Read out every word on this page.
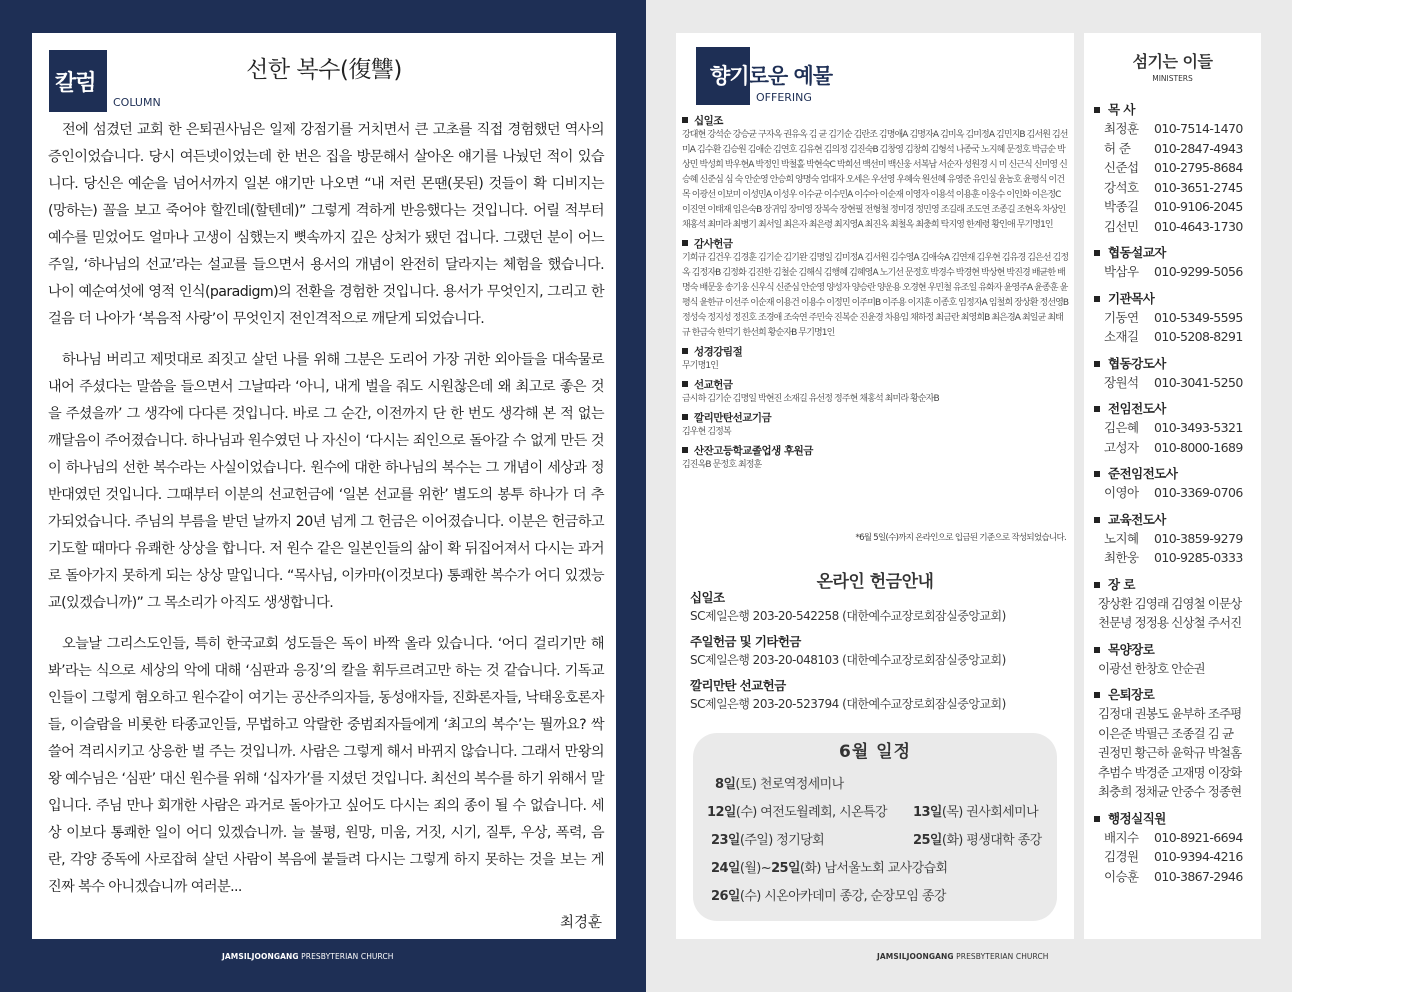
칼럼
COLUMN
선한 복수(復讐)

전에 섬겼던 교회 한 은퇴권사님은 일제 강점기를 거치면서 큰 고초를 직접 경험했던 역사의 증인이었습니다. 당시 여든넷이었는데 한 번은 집을 방문해서 살아온 얘기를 나눴던 적이 있습니다. 당신은 예순을 넘어서까지 일본 얘기만 나오면 “내 저런 몬땐(못된) 것들이 확 디비지는(망하는) 꼴을 보고 죽어야 할낀데(할텐데)” 그렇게 격하게 반응했다는 것입니다. 어릴 적부터 예수를 믿었어도 얼마나 고생이 심했는지 뼛속까지 깊은 상처가 됐던 겁니다. 그랬던 분이 어느 주일, ‘하나님의 선교’라는 설교를 들으면서 용서의 개념이 완전히 달라지는 체험을 했습니다. 나이 예순여섯에 영적 인식(paradigm)의 전환을 경험한 것입니다. 용서가 무엇인지, 그리고 한 걸음 더 나아가 ‘복음적 사랑’이 무엇인지 전인격적으로 깨닫게 되었습니다.

하나님 버리고 제멋대로 죄짓고 살던 나를 위해 그분은 도리어 가장 귀한 외아들을 대속물로 내어 주셨다는 말씀을 들으면서 그날따라 ‘아니, 내게 벌을 줘도 시원찮은데 왜 최고로 좋은 것을 주셨을까’ 그 생각에 다다른 것입니다. 바로 그 순간, 이전까지 단 한 번도 생각해 본 적 없는 깨달음이 주어졌습니다. 하나님과 원수였던 나 자신이 ‘다시는 죄인으로 돌아갈 수 없게 만든 것이 하나님의 선한 복수라는 사실이었습니다. 원수에 대한 하나님의 복수는 그 개념이 세상과 정반대였던 것입니다. 그때부터 이분의 선교헌금에 ‘일본 선교를 위한’ 별도의 봉투 하나가 더 추가되었습니다. 주님의 부름을 받던 날까지 20년 넘게 그 헌금은 이어졌습니다. 이분은 헌금하고 기도할 때마다 유쾌한 상상을 합니다. 저 원수 같은 일본인들의 삶이 확 뒤집어져서 다시는 과거로 돌아가지 못하게 되는 상상 말입니다. “목사님, 이카마(이것보다) 통쾌한 복수가 어디 있겠능교(있겠습니까)” 그 목소리가 아직도 생생합니다.

오늘날 그리스도인들, 특히 한국교회 성도들은 독이 바짝 올라 있습니다. ‘어디 걸리기만 해봐’라는 식으로 세상의 악에 대해 ‘심판과 응징’의 칼을 휘두르려고만 하는 것 같습니다. 기독교인들이 그렇게 혐오하고 원수같이 여기는 공산주의자들, 동성애자들, 진화론자들, 낙태옹호론자들, 이슬람을 비롯한 타종교인들, 무법하고 악랄한 중범죄자들에게 ‘최고의 복수’는 뭘까요? 싹 쓸어 격리시키고 상응한 벌 주는 것입니까. 사람은 그렇게 해서 바뀌지 않습니다. 그래서 만왕의 왕 예수님은 ‘심판’ 대신 원수를 위해 ‘십자가’를 지셨던 것입니다. 최선의 복수를 하기 위해서 말입니다. 주님 만나 회개한 사람은 과거로 돌아가고 싶어도 다시는 죄의 종이 될 수 없습니다. 세상 이보다 통쾌한 일이 어디 있겠습니까. 늘 불평, 원망, 미움, 거짓, 시기, 질투, 우상, 폭력, 음란, 각양 중독에 사로잡혀 살던 사람이 복음에 붙들려 다시는 그렇게 하지 못하는 것을 보는 게 진짜 복수 아니겠습니까 여러분...

최경훈
JAMSILJOONGANG PRESBYTERIAN CHURCH
향기로운 예물
OFFERING
십일조
강대현 강석순 강승균 구자옥 권유옥 김 균 김기순 김란조 김명애A 김명자A 김미옥 김미정A 김민지B 김서원 김선미A 김수환 김승원 김애순 김연호 김유현 김의정 김진숙B 김창영 김창희 김형석 나종국 노지혜 문정호 박금순 박상민 박성희 박우현A 박정인 박철홀 박현숙C 박희선 백선미 백신웅 서복남 서순자 성원경 시 미 신근식 신미영 신승혜 신준심 심 숙 안순영 안승희 양명숙 엄대자 오세은 우선영 우혜숙 원선혜 유영준 유인실 윤농호 윤평식 이건목 이광선 이보미 이성민A 이성우 이수균 이수민A 이수아 이순재 이영자 이용석 이용훈 이웅수 이인화 이은정C 이진연 이태재 임은숙B 장귀임 장미영 장복숙 장현필 전형철 정미경 정민영 조길래 조도연 조종길 조현옥 차상인 채홍석 최미라 최병기 최서일 최은자 최은령 최지영A 최진옥 최철옥 최충희 탁지영 한계령 황인애 무기명1인
감사헌금
기희규 김건우 김경훈 김기순 김기완 김명일 김미정A 김서원 김수영A 김애숙A 김연재 김우현 김유경 김은선 김정옥 김정자B 김정화 김진한 김철순 김해식 김행혜 김혜영A 노기선 문정호 박경수 박경현 박상현 박진경 배균한 배명숙 배문웅 송기웅 신우식 신준심 안순영 양성자 양승란 양운용 오경현 우민철 유조일 유화자 윤영주A 윤종훈 윤평식 윤한규 이선주 이순재 이용건 이용수 이정민 이주미B 이주용 이지훈 이종호 임정자A 임철희 장상환 정선영B 정성숙 정지성 정진호 조경애 조숙연 주민숙 진복순 진윤경 차용임 채하정 최금란 최영희B 최은경A 최일균 최태규 한금숙 한덕기 한선희 황순자B 무기명1인
성경강림절
무기명1인
선교헌금
금시하 김기순 김명일 박현진 소재길 유선정 정주현 채홍석 최미라 황순자B
깔리만탄선교기금
김우현 김정복
산잔고등학교졸업생 후원금
김진옥B 문정호 최정훈
*6월 5일(수)까지 온라인으로 입금된 기준으로 작성되었습니다.
온라인 헌금안내
십일조
SC제일은행 203-20-542258 (대한예수교장로회잠실중앙교회)
주일헌금 및 기타헌금
SC제일은행 203-20-048103 (대한예수교장로회잠실중앙교회)
깔리만탄 선교헌금
SC제일은행 203-20-523794 (대한예수교장로회잠실중앙교회)
6월 일정
8일(토) 천로역정세미나
12일(수) 여전도월례회, 시온특강 13일(목) 권사회세미나
23일(주일) 정기당회	25일(화) 평생대학 종강
24일(월)~25일(화) 남서울노회 교사강습회
26일(수) 시온아카데미 종강, 순장모임 종강
JAMSILJOONGANG PRESBYTERIAN CHURCH
섬기는 이들
MINISTERS
목 사
최정훈 010-7514-1470
허 준 010-2847-4943
신준섭 010-2795-8684
강석호 010-3651-2745
박종길 010-9106-2045
김선민 010-4643-1730
협동설교자
박삼우 010-9299-5056
기관목사
기동연 010-5349-5595
소재길 010-5208-8291
협동강도사
장원석 010-3041-5250
전임전도사
김은혜 010-3493-5321
고성자 010-8000-1689
준전임전도사
이영아 010-3369-0706
교육전도사
노지혜 010-3859-9279
최한웅 010-9285-0333
장 로
장상환 김영래 김영철 이문상
천문녕 정정용 신상철 주서진
목양장로
이광선 한창호 안순권
은퇴장로
김정대 권봉도 윤부하 조주평
이은준 박필근 조종걸 김 균
권정민 황근하 윤학규 박철홈
추범수 박경준 고재명 이장화
최충희 정채균 안중수 정종현
행정실직원
배지수 010-8921-6694
김경원 010-9394-4216
이승훈 010-3867-2946
